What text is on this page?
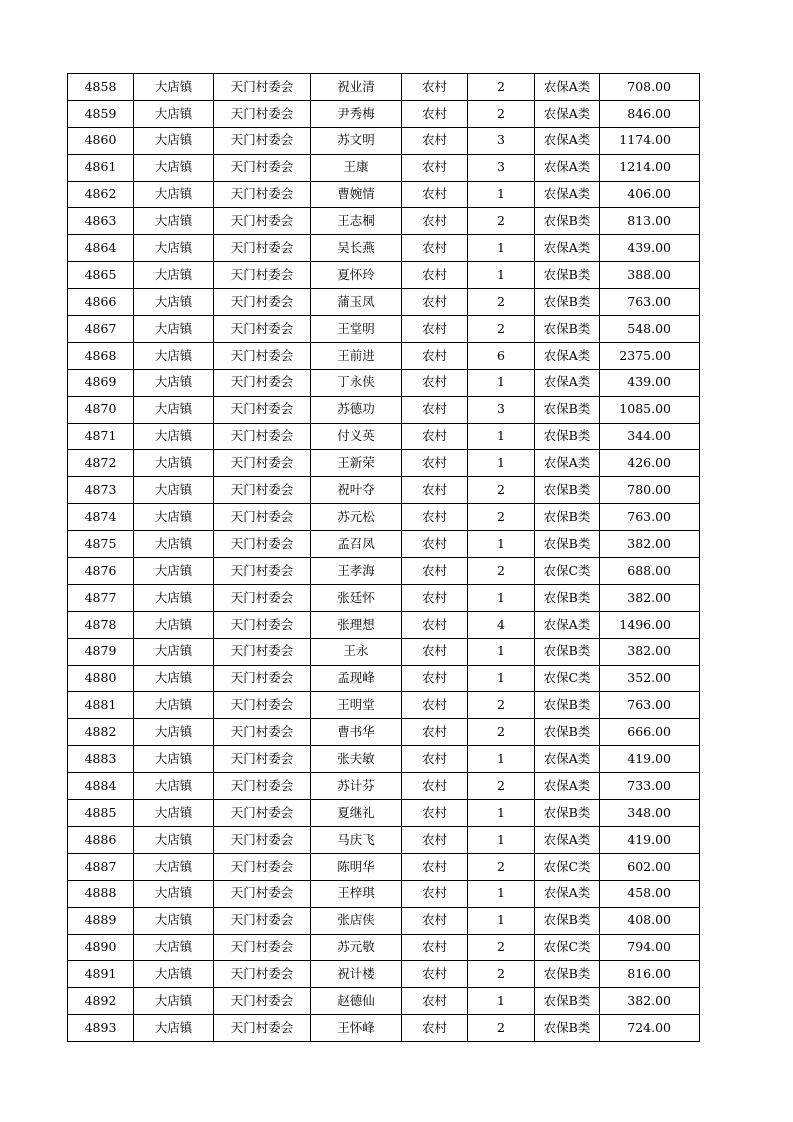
4858	大店镇	天门村委会	祝业清	农村	2	农保A类	708.00
4859	大店镇	天门村委会	尹秀梅	农村	2	农保A类	846.00
4860	大店镇	天门村委会	苏文明	农村	3	农保A类	1174.00
4861	大店镇	天门村委会	王康	农村	3	农保A类	1214.00
4862	大店镇	天门村委会	曹婉情	农村	1	农保A类	406.00
4863	大店镇	天门村委会	王志桐	农村	2	农保B类	813.00
4864	大店镇	天门村委会	吴长燕	农村	1	农保A类	439.00
4865	大店镇	天门村委会	夏怀玲	农村	1	农保B类	388.00
4866	大店镇	天门村委会	蒲玉凤	农村	2	农保B类	763.00
4867	大店镇	天门村委会	王堂明	农村	2	农保B类	548.00
4868	大店镇	天门村委会	王前进	农村	6	农保A类	2375.00
4869	大店镇	天门村委会	丁永侠	农村	1	农保A类	439.00
4870	大店镇	天门村委会	苏德功	农村	3	农保B类	1085.00
4871	大店镇	天门村委会	付义英	农村	1	农保B类	344.00
4872	大店镇	天门村委会	王新荣	农村	1	农保A类	426.00
4873	大店镇	天门村委会	祝叶夺	农村	2	农保B类	780.00
4874	大店镇	天门村委会	苏元松	农村	2	农保B类	763.00
4875	大店镇	天门村委会	孟召凤	农村	1	农保B类	382.00
4876	大店镇	天门村委会	王孝海	农村	2	农保C类	688.00
4877	大店镇	天门村委会	张廷怀	农村	1	农保B类	382.00
4878	大店镇	天门村委会	张理想	农村	4	农保A类	1496.00
4879	大店镇	天门村委会	王永	农村	1	农保B类	382.00
4880	大店镇	天门村委会	孟现峰	农村	1	农保C类	352.00
4881	大店镇	天门村委会	王明堂	农村	2	农保B类	763.00
4882	大店镇	天门村委会	曹书华	农村	2	农保B类	666.00
4883	大店镇	天门村委会	张夫敏	农村	1	农保A类	419.00
4884	大店镇	天门村委会	苏计芬	农村	2	农保A类	733.00
4885	大店镇	天门村委会	夏继礼	农村	1	农保B类	348.00
4886	大店镇	天门村委会	马庆飞	农村	1	农保A类	419.00
4887	大店镇	天门村委会	陈明华	农村	2	农保C类	602.00
4888	大店镇	天门村委会	王梓琪	农村	1	农保A类	458.00
4889	大店镇	天门村委会	张店侠	农村	1	农保B类	408.00
4890	大店镇	天门村委会	苏元敬	农村	2	农保C类	794.00
4891	大店镇	天门村委会	祝计楼	农村	2	农保B类	816.00
4892	大店镇	天门村委会	赵德仙	农村	1	农保B类	382.00
4893	大店镇	天门村委会	王怀峰	农村	2	农保B类	724.00
